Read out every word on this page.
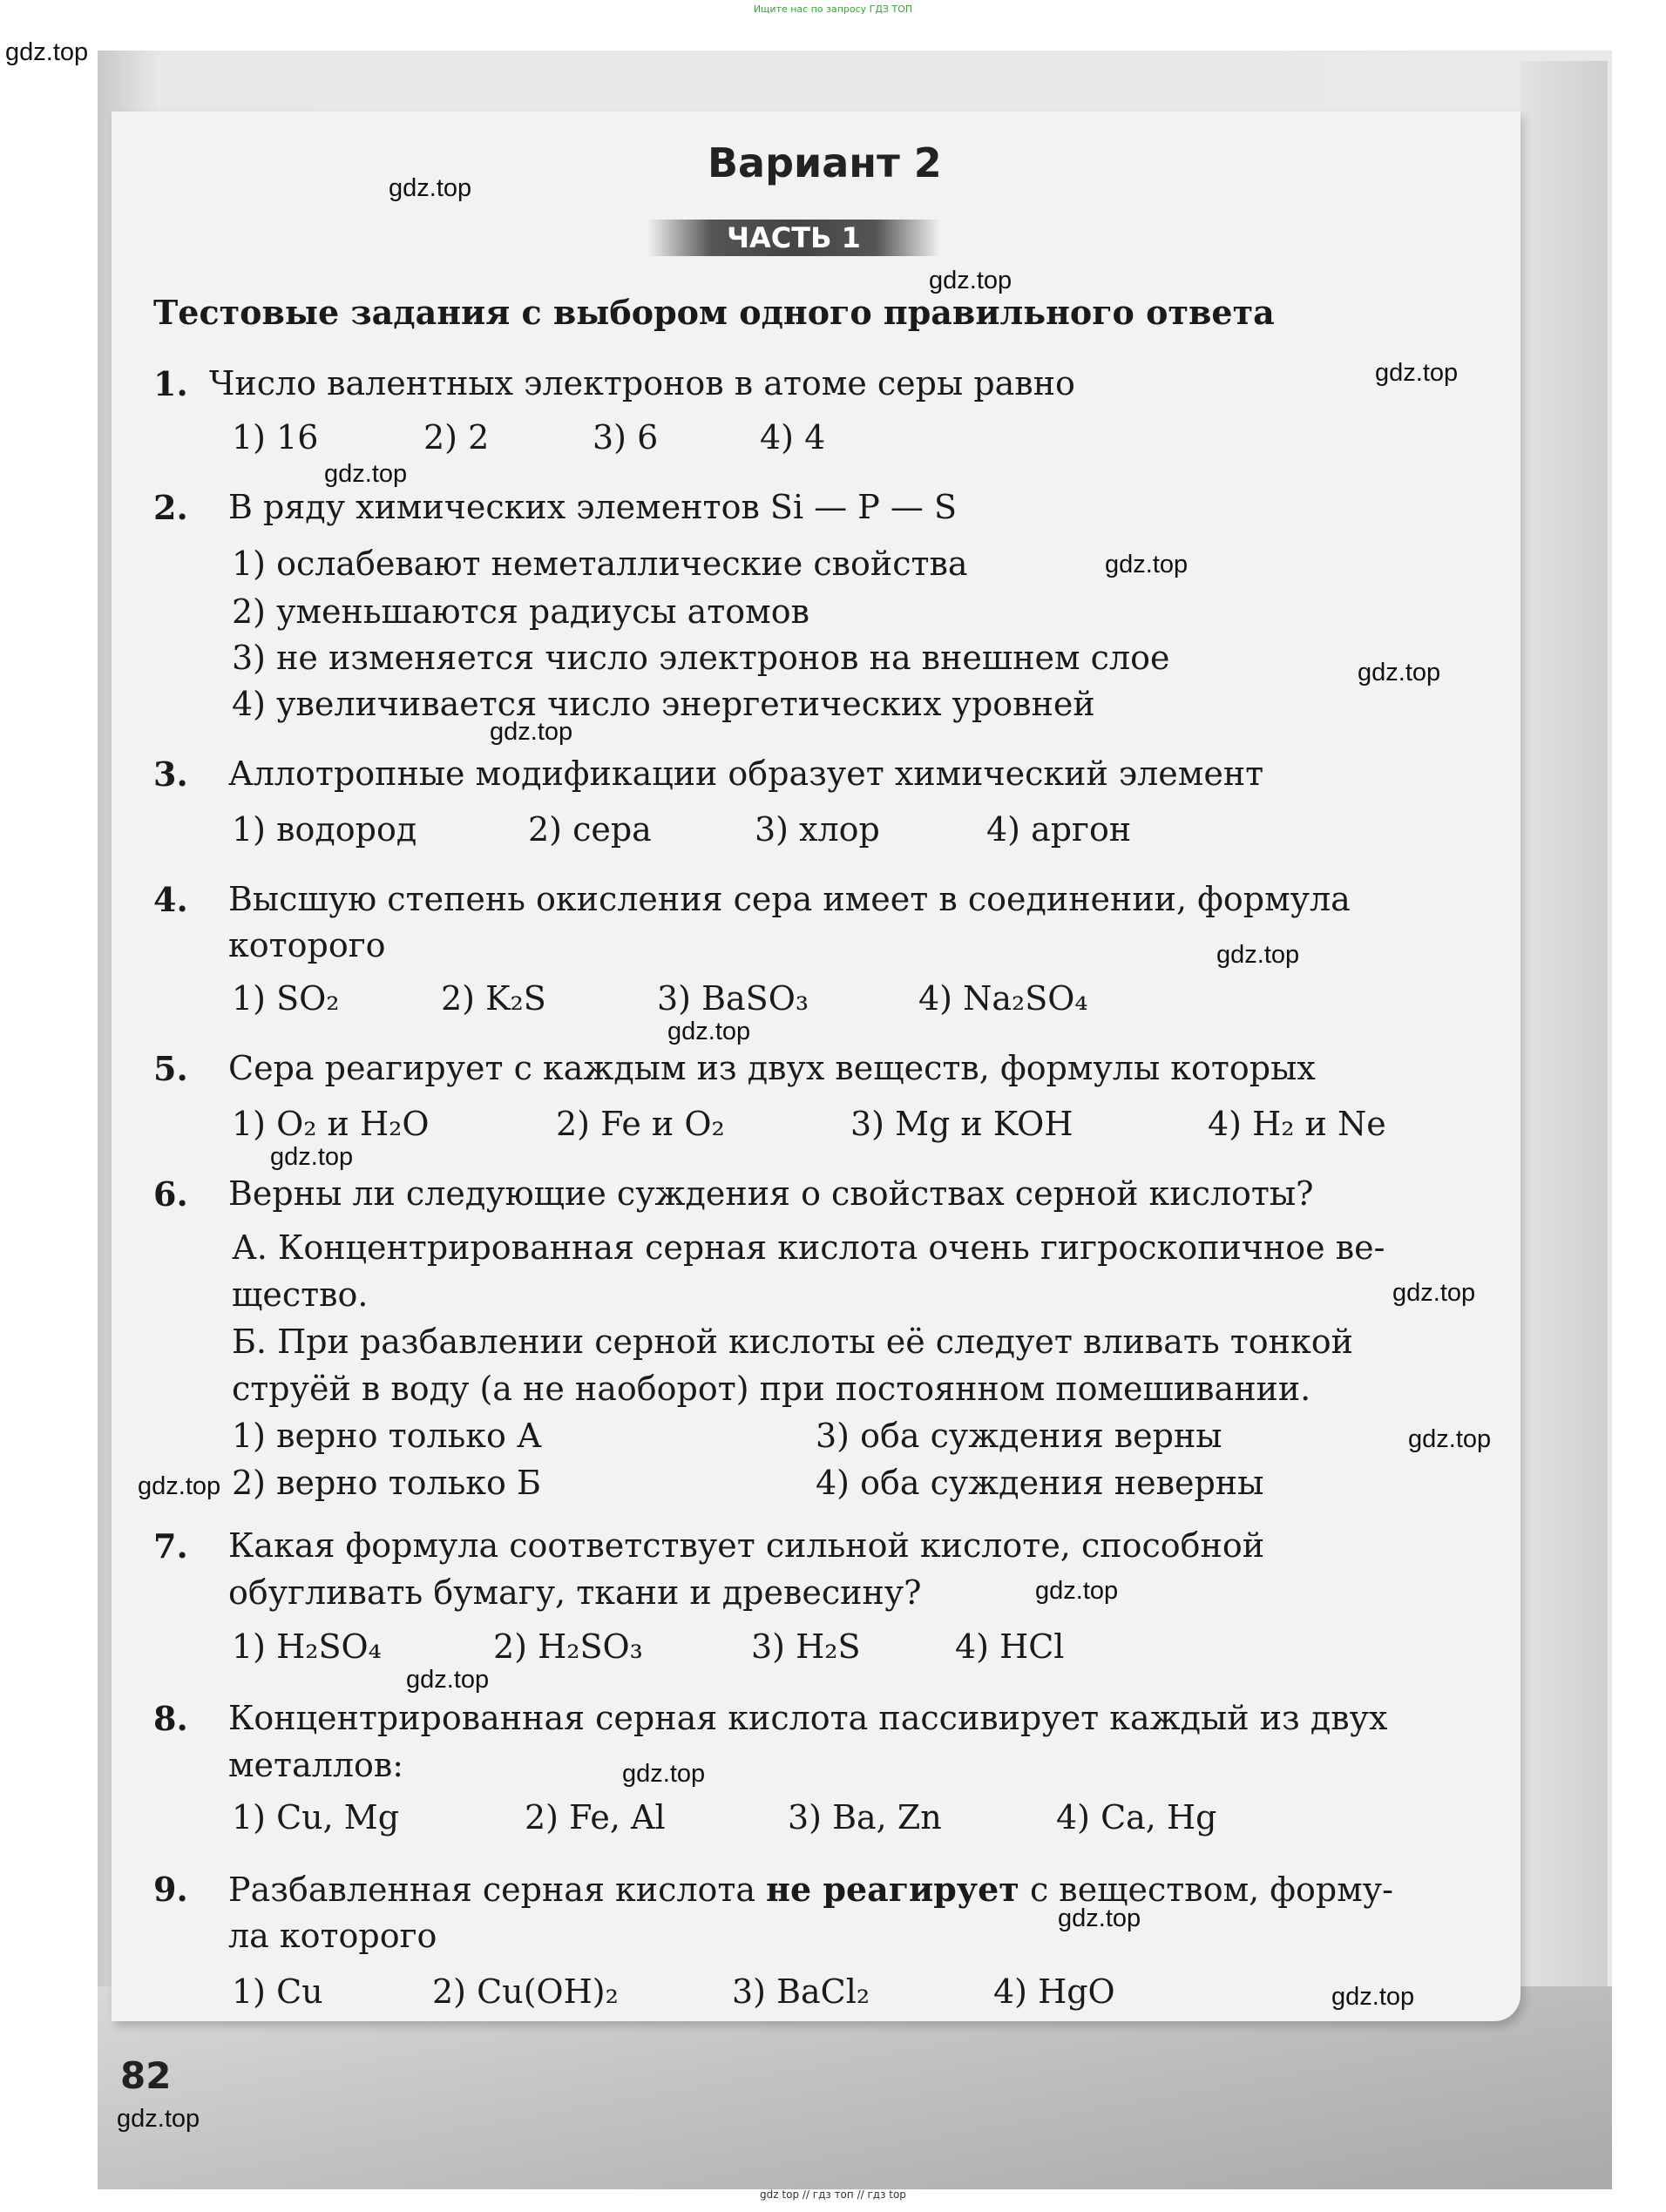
Ищите нас по запросу ГДЗ ТОП
Вариант 2
ЧАСТЬ 1
Тестовые задания с выбором одного правильного ответа
1. Число валентных электронов в атоме серы равно
1) 16	2) 2	3) 6	4) 4
2. В ряду химических элементов Si — P — S
1) ослабевают неметаллические свойства
2) уменьшаются радиусы атомов
3) не изменяется число электронов на внешнем слое
4) увеличивается число энергетических уровней
3. Аллотропные модификации образует химический элемент
1) водород	2) сера	3) хлор	4) аргон
4. Высшую степень окисления сера имеет в соединении, формула
которого
1) SO₂	2) K₂S	3) BaSO₃	4) Na₂SO₄
5. Сера реагирует с каждым из двух веществ, формулы которых
1) O₂ и H₂O	2) Fe и O₂	3) Mg и KOH	4) H₂ и Ne
6. Верны ли следующие суждения о свойствах серной кислоты?
А. Концентрированная серная кислота очень гигроскопичное ве-
щество.
Б. При разбавлении серной кислоты её следует вливать тонкой
струёй в воду (а не наоборот) при постоянном помешивании.
1) верно только А	3) оба суждения верны
2) верно только Б	4) оба суждения неверны
7. Какая формула соответствует сильной кислоте, способной
обугливать бумагу, ткани и древесину?
1) H₂SO₄	2) H₂SO₃	3) H₂S	4) HCl
8. Концентрированная серная кислота пассивирует каждый из двух
металлов:
1) Cu, Mg	2) Fe, Al	3) Ba, Zn	4) Ca, Hg
9. Разбавленная серная кислота не реагирует с веществом, форму-
ла которого
1) Cu	2) Cu(OH)₂	3) BaCl₂	4) HgO
82
gdz.top
gdz.top
gdz.top
gdz.top
gdz.top
gdz.top
gdz.top
gdz.top
gdz.top
gdz.top
gdz.top
gdz.top
gdz.top
gdz.top
gdz.top
gdz.top
gdz.top
gdz.top
gdz.top
gdz.top
gdz top // гдз топ // гдз top
